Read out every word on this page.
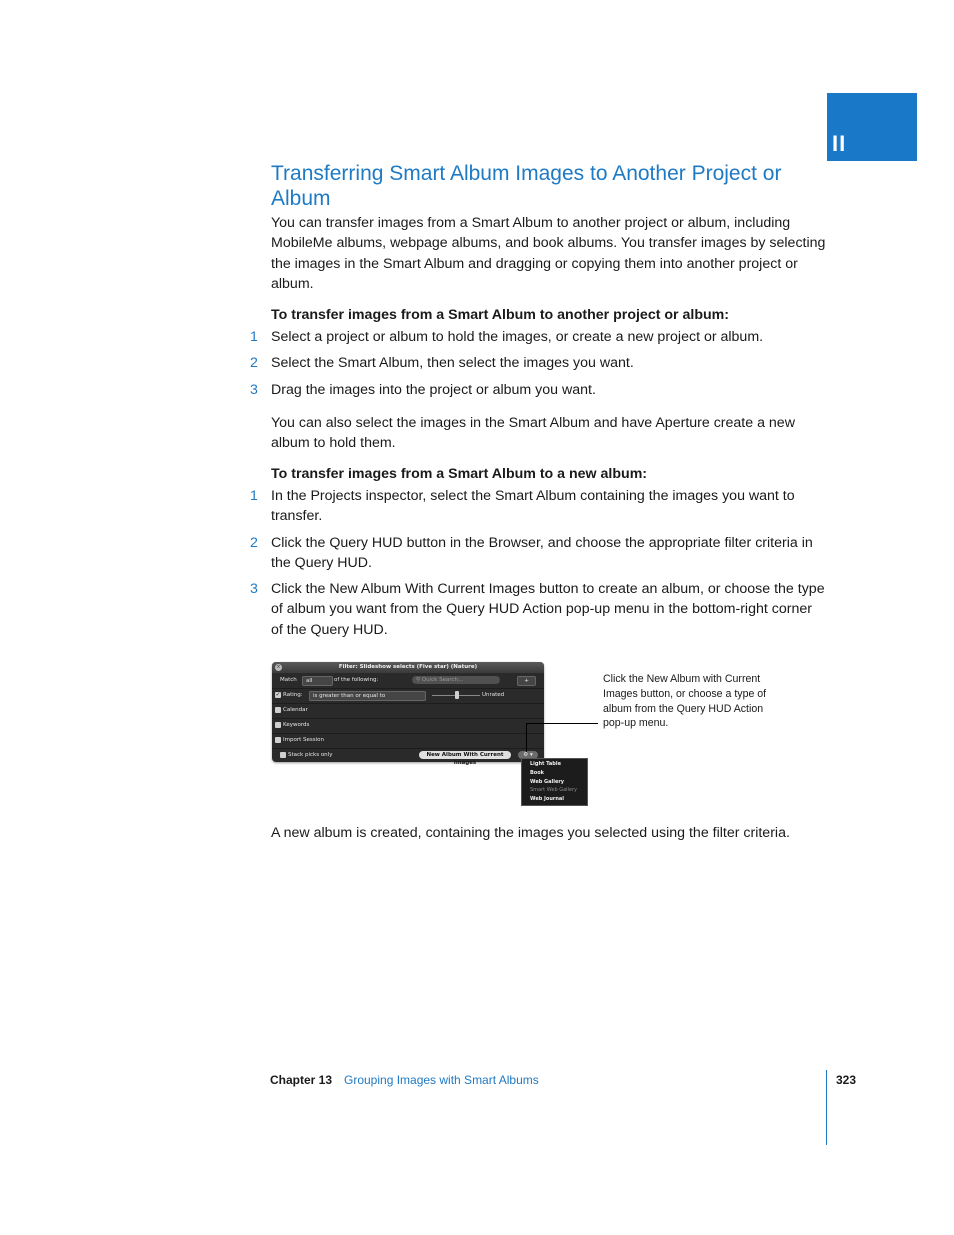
II
Transferring Smart Album Images to Another Project or Album

You can transfer images from a Smart Album to another project or album, including MobileMe albums, webpage albums, and book albums. You transfer images by selecting the images in the Smart Album and dragging or copying them into another project or album.

To transfer images from a Smart Album to another project or album:

1 Select a project or album to hold the images, or create a new project or album.
2 Select the Smart Album, then select the images you want.
3 Drag the images into the project or album you want.

You can also select the images in the Smart Album and have Aperture create a new album to hold them.

To transfer images from a Smart Album to a new album:

1 In the Projects inspector, select the Smart Album containing the images you want to transfer.
2 Click the Query HUD button in the Browser, and choose the appropriate filter criteria in the Query HUD.
3 Click the New Album With Current Images button to create an album, or choose the type of album you want from the Query HUD Action pop-up menu in the bottom-right corner of the Query HUD.
Filter: Slideshow selects (Five star) (Nature)
×
Match	all	of the following:	⚲ Quick Search...	+
✓ Rating:	is greater than or equal to	Unrated
Calendar
Keywords
Import Session
Stack picks only	New Album With Current Images
⚙ ▾
Light Table
Book
Web Gallery
Smart Web Gallery
Web Journal

Click the New Album with Current Images button, or choose a type of album from the Query HUD Action pop-up menu.

A new album is created, containing the images you selected using the filter criteria.

Chapter 13 Grouping Images with Smart Albums	323
